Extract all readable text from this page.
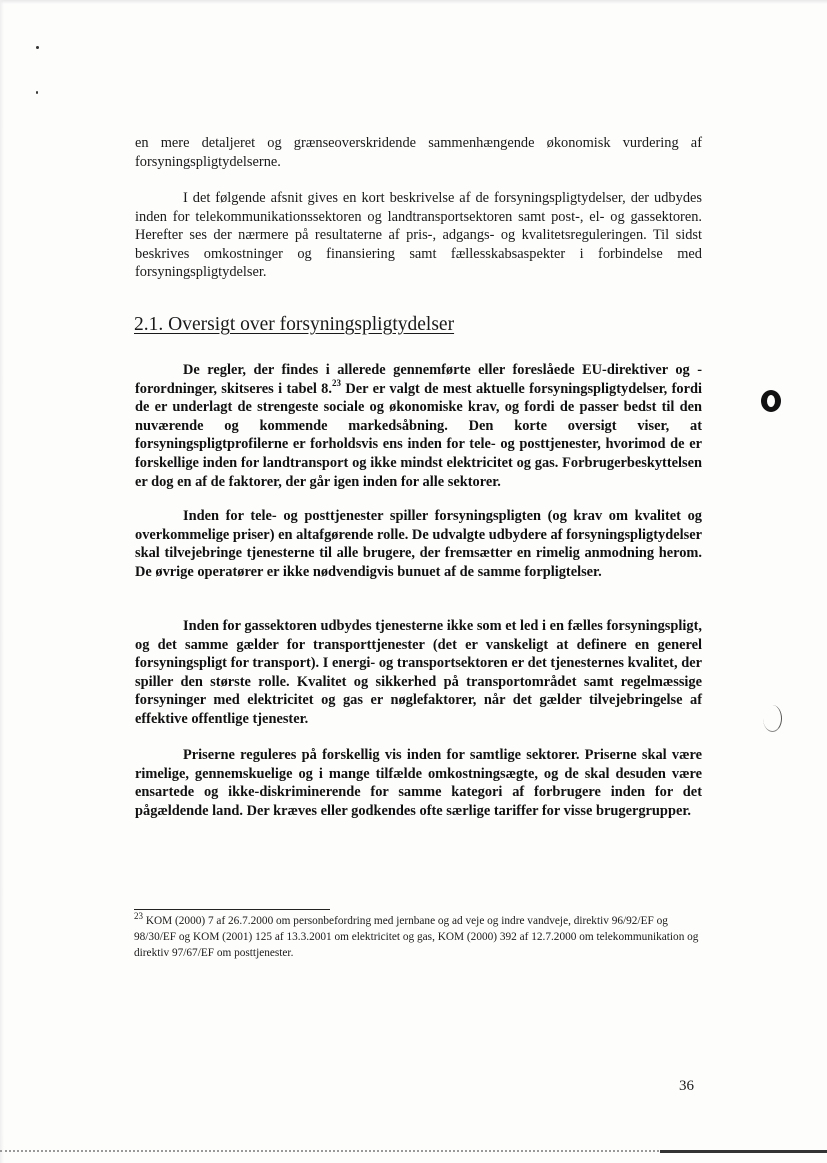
en mere detaljeret og grænseoverskridende sammenhængende økonomisk vurdering af forsyningspligtydelserne.

I det følgende afsnit gives en kort beskrivelse af de forsyningspligtydelser, der udbydes inden for telekommunikationssektoren og landtransportsektoren samt post-, el- og gassektoren. Herefter ses der nærmere på resultaterne af pris-, adgangs- og kvalitetsreguleringen. Til sidst beskrives omkostninger og finansiering samt fællesskabsaspekter i forbindelse med forsyningspligtydelser.

2.1. Oversigt over forsyningspligtydelser

De regler, der findes i allerede gennemførte eller foreslåede EU-direktiver og -forordninger, skitseres i tabel 8.23 Der er valgt de mest aktuelle forsyningspligtydelser, fordi de er underlagt de strengeste sociale og økonomiske krav, og fordi de passer bedst til den nuværende og kommende markedsåbning. Den korte oversigt viser, at forsyningspligtprofilerne er forholdsvis ens inden for tele- og posttjenester, hvorimod de er forskellige inden for landtransport og ikke mindst elektricitet og gas. Forbrugerbeskyttelsen er dog en af de faktorer, der går igen inden for alle sektorer.

Inden for tele- og posttjenester spiller forsyningspligten (og krav om kvalitet og overkommelige priser) en altafgørende rolle. De udvalgte udbydere af forsyningspligtydelser skal tilvejebringe tjenesterne til alle brugere, der fremsætter en rimelig anmodning herom. De øvrige operatører er ikke nødvendigvis bunuet af de samme forpligtelser.

Inden for gassektoren udbydes tjenesterne ikke som et led i en fælles forsyningspligt, og det samme gælder for transporttjenester (det er vanskeligt at definere en generel forsyningspligt for transport). I energi- og transportsektoren er det tjenesternes kvalitet, der spiller den største rolle. Kvalitet og sikkerhed på transportområdet samt regelmæssige forsyninger med elektricitet og gas er nøglefaktorer, når det gælder tilvejebringelse af effektive offentlige tjenester.

Priserne reguleres på forskellig vis inden for samtlige sektorer. Priserne skal være rimelige, gennemskuelige og i mange tilfælde omkostningsægte, og de skal desuden være ensartede og ikke-diskriminerende for samme kategori af forbrugere inden for det pågældende land. Der kræves eller godkendes ofte særlige tariffer for visse brugergrupper.

$^{23}$ KOM (2000) 7 af 26.7.2000 om personbefordring med jernbane og ad veje og indre vandveje, direktiv 96/92/EF og 98/30/EF og KOM (2001) 125 af 13.3.2001 om elektricitet og gas, KOM (2000) 392 af 12.7.2000 om telekommunikation og direktiv 97/67/EF om posttjenester.

36
